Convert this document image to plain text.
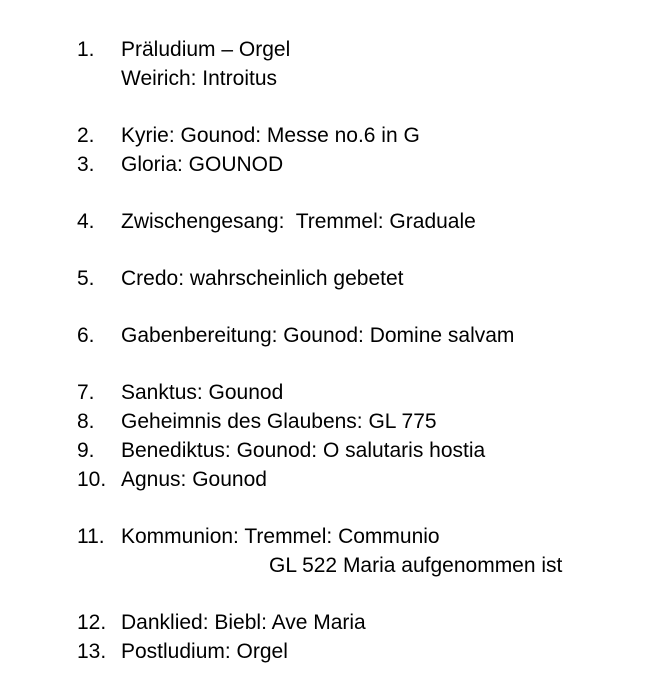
1.	Präludium – Orgel
Weirich: Introitus
2.	Kyrie: Gounod: Messe no.6 in G
3.	Gloria: GOUNOD
4.	Zwischengesang:  Tremmel: Graduale
5.	Credo: wahrscheinlich gebetet
6.	Gabenbereitung: Gounod: Domine salvam
7.	Sanktus: Gounod
8.	Geheimnis des Glaubens: GL 775
9.	Benediktus: Gounod: O salutaris hostia
10. Agnus: Gounod
11. Kommunion: Tremmel: Communio
GL 522 Maria aufgenommen ist
12. Danklied: Biebl: Ave Maria
13. Postludium: Orgel
